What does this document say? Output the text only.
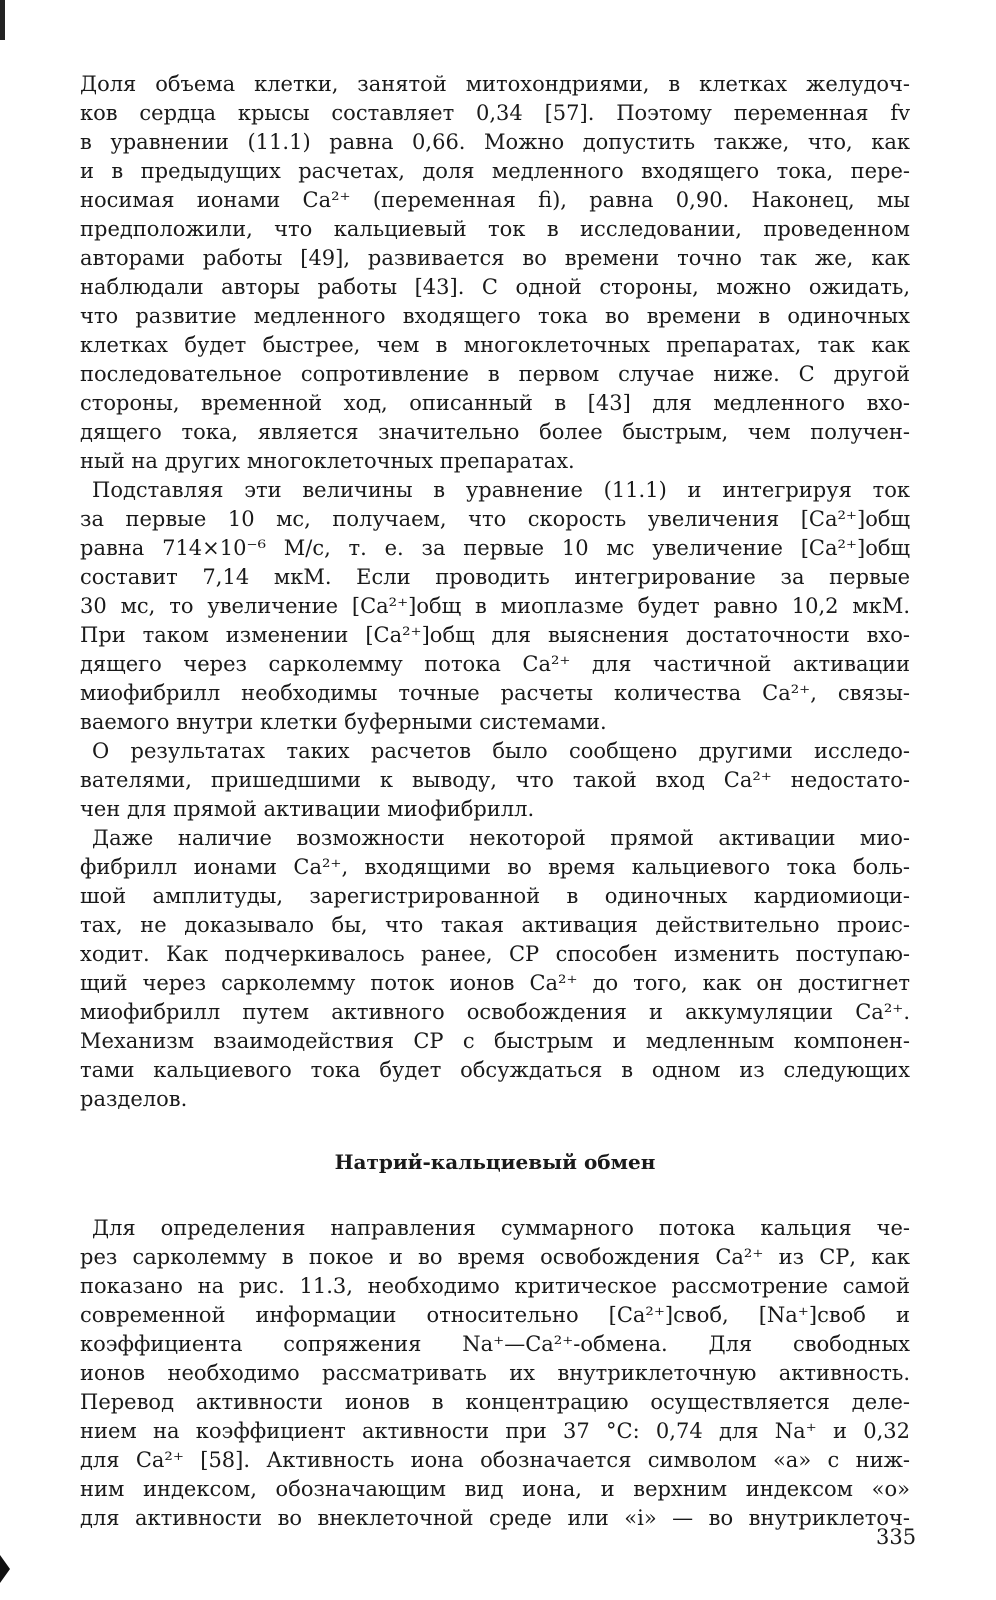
Доля объема клетки, занятой митохондриями, в клетках желудоч-
ков сердца крысы составляет 0,34 [57]. Поэтому переменная fv
в уравнении (11.1) равна 0,66. Можно допустить также, что, как
и в предыдущих расчетах, доля медленного входящего тока, пере-
носимая ионами Ca²⁺ (переменная fi), равна 0,90. Наконец, мы
предположили, что кальциевый ток в исследовании, проведенном
авторами работы [49], развивается во времени точно так же, как
наблюдали авторы работы [43]. С одной стороны, можно ожидать,
что развитие медленного входящего тока во времени в одиночных
клетках будет быстрее, чем в многоклеточных препаратах, так как
последовательное сопротивление в первом случае ниже. С другой
стороны, временной ход, описанный в [43] для медленного вхо-
дящего тока, является значительно более быстрым, чем получен-
ный на других многоклеточных препаратах.
Подставляя эти величины в уравнение (11.1) и интегрируя ток
за первые 10 мс, получаем, что скорость увеличения [Ca²⁺]общ
равна 714×10⁻⁶ М/с, т. е. за первые 10 мс увеличение [Ca²⁺]общ
составит 7,14 мкМ. Если проводить интегрирование за первые
30 мс, то увеличение [Ca²⁺]общ в миоплазме будет равно 10,2 мкМ.
При таком изменении [Ca²⁺]общ для выяснения достаточности вхо-
дящего через сарколемму потока Ca²⁺ для частичной активации
миофибрилл необходимы точные расчеты количества Ca²⁺, связы-
ваемого внутри клетки буферными системами.
О результатах таких расчетов было сообщено другими исследо-
вателями, пришедшими к выводу, что такой вход Ca²⁺ недостато-
чен для прямой активации миофибрилл.
Даже наличие возможности некоторой прямой активации мио-
фибрилл ионами Ca²⁺, входящими во время кальциевого тока боль-
шой амплитуды, зарегистрированной в одиночных кардиомиоци-
тах, не доказывало бы, что такая активация действительно проис-
ходит. Как подчеркивалось ранее, СР способен изменить поступаю-
щий через сарколемму поток ионов Ca²⁺ до того, как он достигнет
миофибрилл путем активного освобождения и аккумуляции Ca²⁺.
Механизм взаимодействия СР с быстрым и медленным компонен-
тами кальциевого тока будет обсуждаться в одном из следующих
разделов.
Натрий-кальциевый обмен
Для определения направления суммарного потока кальция че-
рез сарколемму в покое и во время освобождения Ca²⁺ из СР, как
показано на рис. 11.3, необходимо критическое рассмотрение самой
современной информации относительно [Ca²⁺]своб, [Na⁺]своб и
коэффициента сопряжения Na⁺—Ca²⁺-обмена. Для свободных
ионов необходимо рассматривать их внутриклеточную активность.
Перевод активности ионов в концентрацию осуществляется деле-
нием на коэффициент активности при 37 °C: 0,74 для Na⁺ и 0,32
для Ca²⁺ [58]. Активность иона обозначается символом «a» с ниж-
ним индексом, обозначающим вид иона, и верхним индексом «o»
для активности во внеклеточной среде или «i» — во внутриклеточ-
335
